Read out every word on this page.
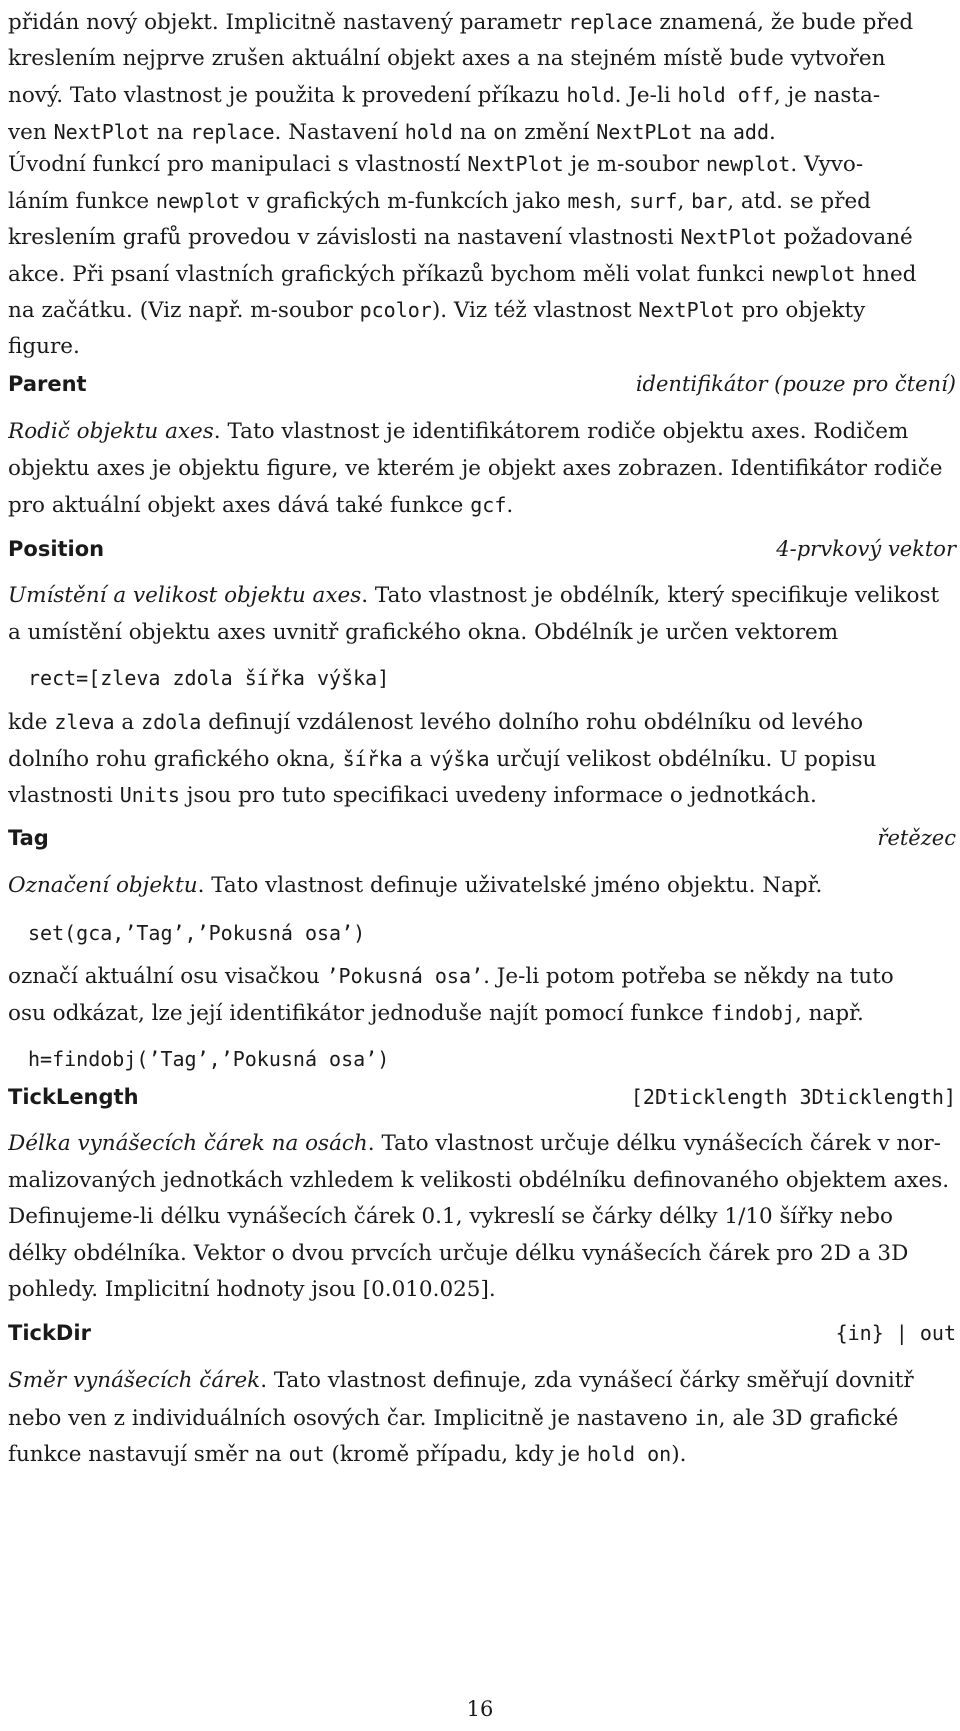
přidán nový objekt. Implicitně nastavený parametr replace znamená, že bude před
kreslením nejprve zrušen aktuální objekt axes a na stejném místě bude vytvořen
nový. Tato vlastnost je použita k provedení příkazu hold. Je-li hold off, je nasta-
ven NextPlot na replace. Nastavení hold na on změní NextPLot na add.
Úvodní funkcí pro manipulaci s vlastností NextPlot je m-soubor newplot. Vyvo-
láním funkce newplot v grafických m-funkcích jako mesh, surf, bar, atd. se před
kreslením grafů provedou v závislosti na nastavení vlastnosti NextPlot požadované
akce. Při psaní vlastních grafických příkazů bychom měli volat funkci newplot hned
na začátku. (Viz např. m-soubor pcolor). Viz též vlastnost NextPlot pro objekty
figure.
Parent	identifikátor (pouze pro čtení)
Rodič objektu axes. Tato vlastnost je identifikátorem rodiče objektu axes. Rodičem
objektu axes je objektu figure, ve kterém je objekt axes zobrazen. Identifikátor rodiče
pro aktuální objekt axes dává také funkce gcf.
Position	4-prvkový vektor
Umístění a velikost objektu axes. Tato vlastnost je obdélník, který specifikuje velikost
a umístění objektu axes uvnitř grafického okna. Obdélník je určen vektorem
rect=[zleva zdola šířka výška]
kde zleva a zdola definují vzdálenost levého dolního rohu obdélníku od levého
dolního rohu grafického okna, šířka a výška určují velikost obdélníku. U popisu
vlastnosti Units jsou pro tuto specifikaci uvedeny informace o jednotkách.
Tag	řetězec
Označení objektu. Tato vlastnost definuje uživatelské jméno objektu. Např.
set(gca,’Tag’,’Pokusná osa’)
označí aktuální osu visačkou ’Pokusná osa’. Je-li potom potřeba se někdy na tuto
osu odkázat, lze její identifikátor jednoduše najít pomocí funkce findobj, např.
h=findobj(’Tag’,’Pokusná osa’)
TickLength	[2Dticklength 3Dticklength]
Délka vynášecích čárek na osách. Tato vlastnost určuje délku vynášecích čárek v nor-
malizovaných jednotkách vzhledem k velikosti obdélníku definovaného objektem axes.
Definujeme-li délku vynášecích čárek 0.1, vykreslí se čárky délky 1/10 šířky nebo
délky obdélníka. Vektor o dvou prvcích určuje délku vynášecích čárek pro 2D a 3D
pohledy. Implicitní hodnoty jsou [0.010.025].
TickDir	{in} | out
Směr vynášecích čárek. Tato vlastnost definuje, zda vynášecí čárky směřují dovnitř
nebo ven z individuálních osových čar. Implicitně je nastaveno in, ale 3D grafické
funkce nastavují směr na out (kromě případu, kdy je hold on).
16
